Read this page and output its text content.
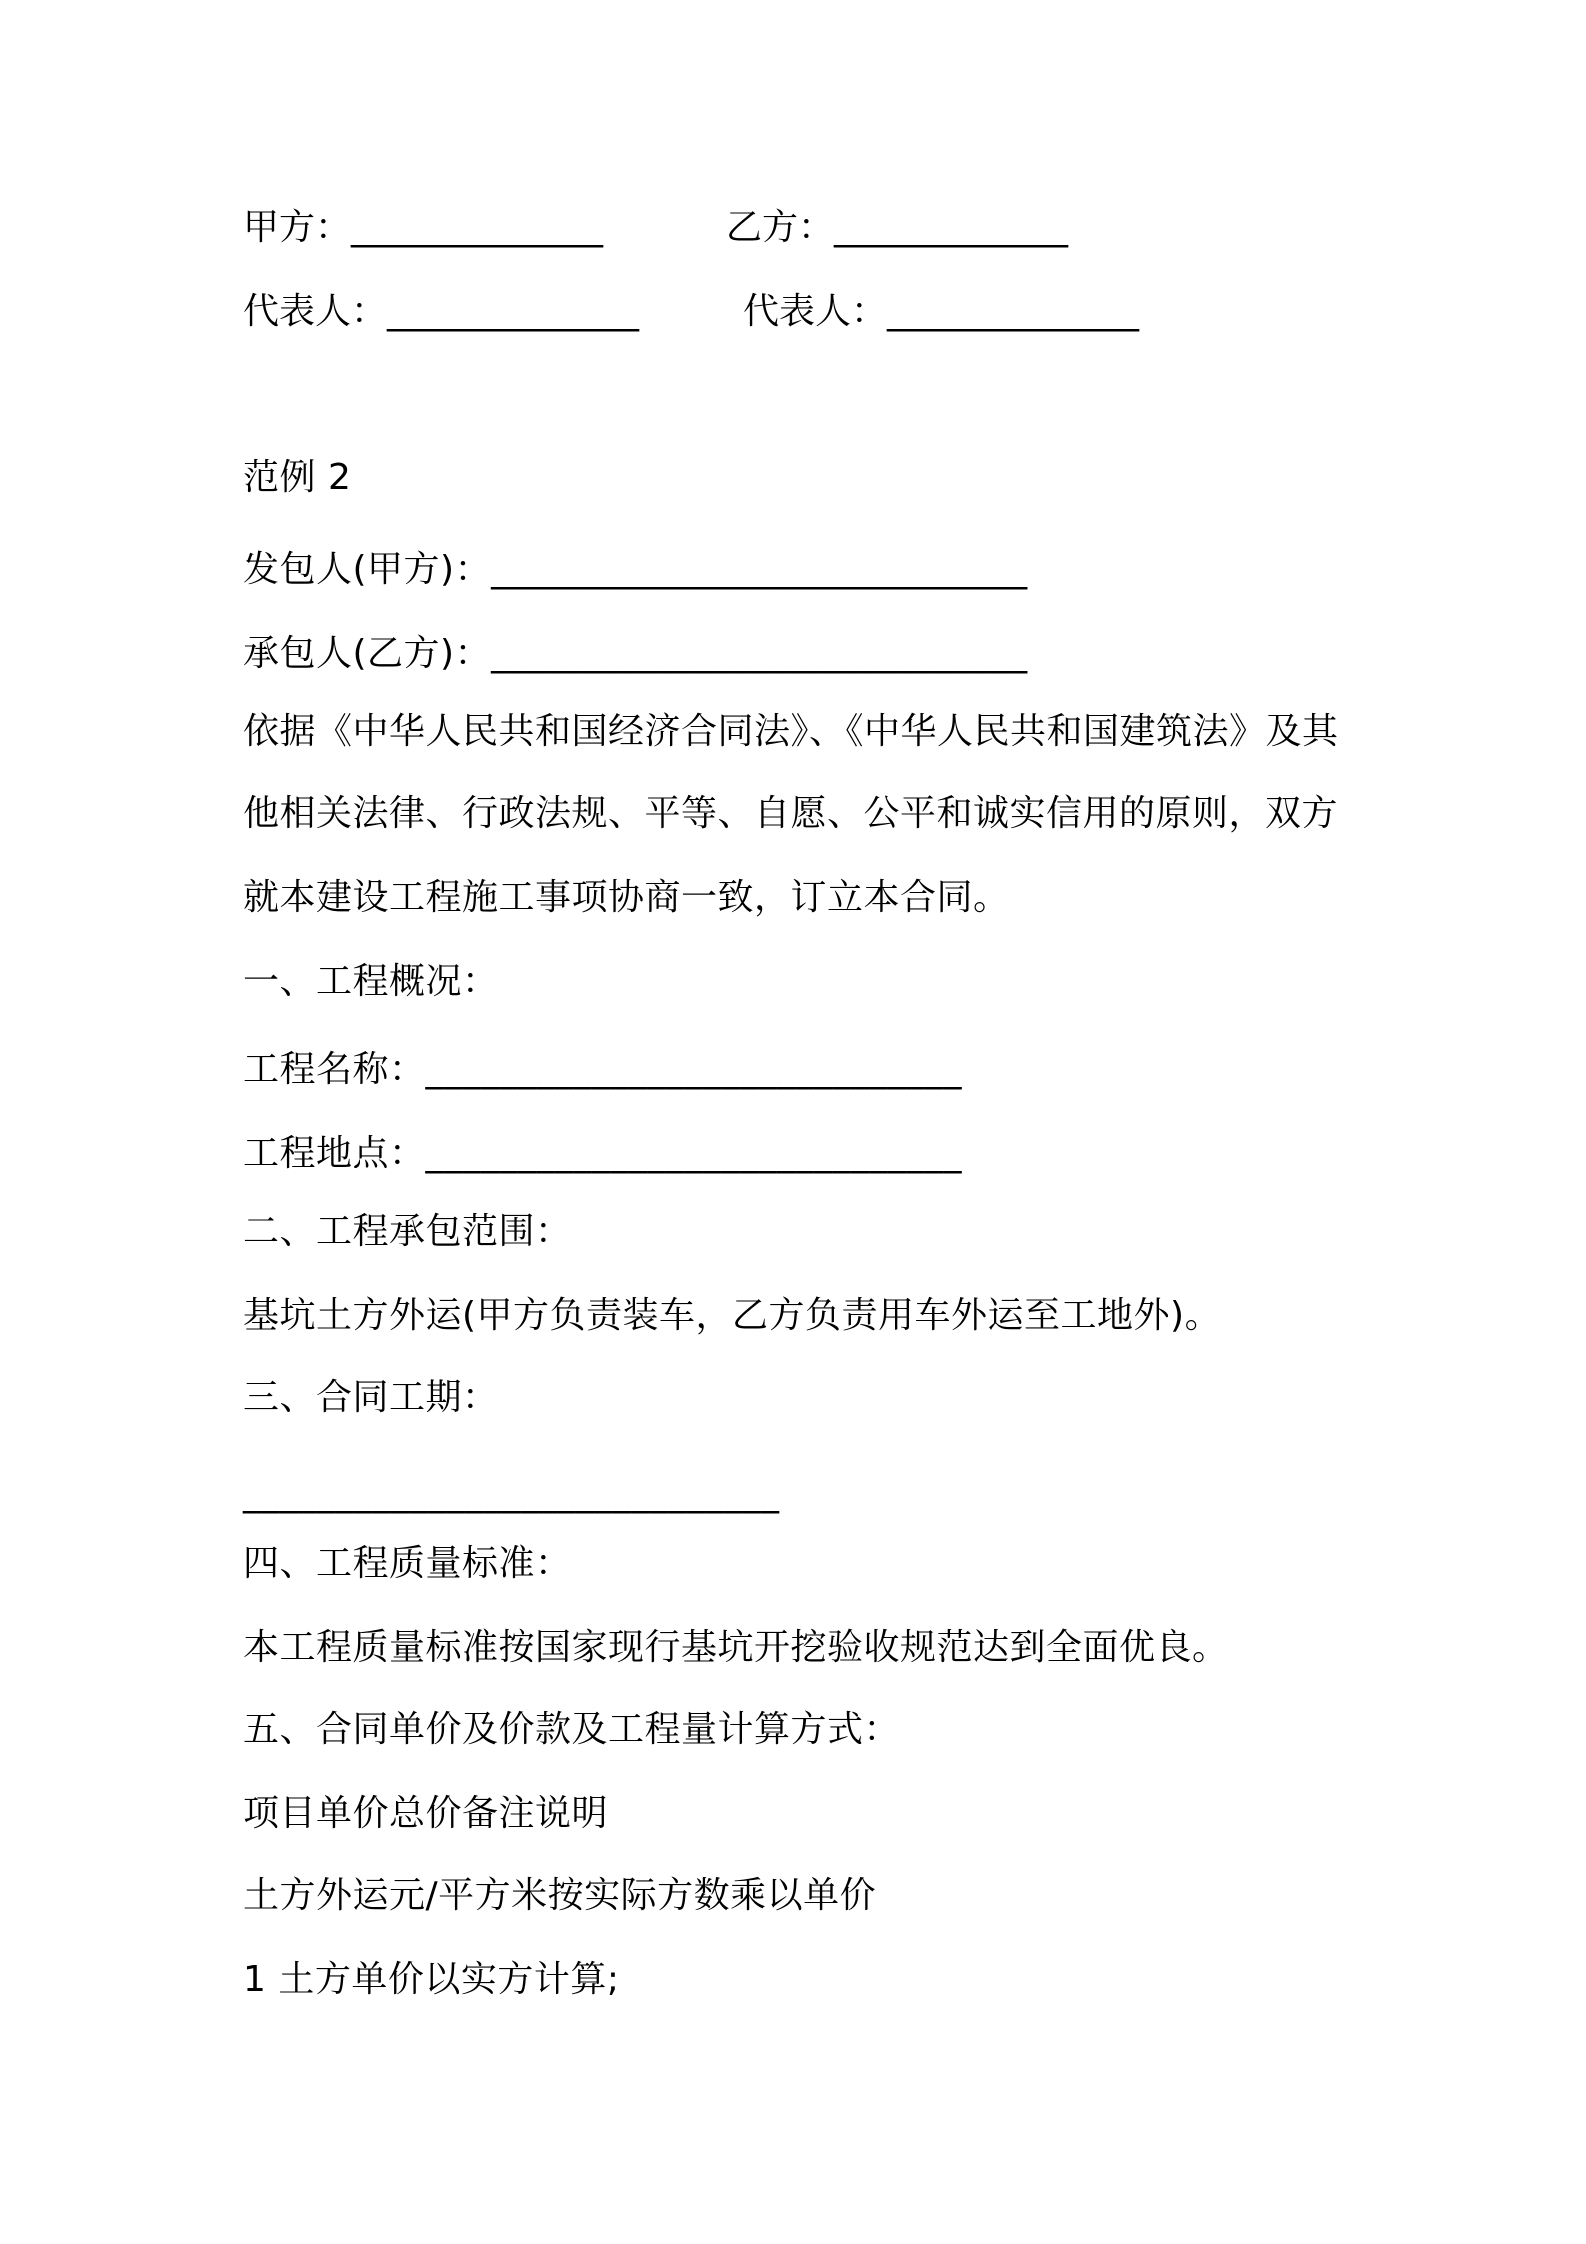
甲方：______________	乙方：_____________
代表人：______________	代表人：______________
范例 2
发包人(甲方)：_____________________________
承包人(乙方)：_____________________________
依据《中华人民共和国经济合同法》、《中华人民共和国建筑法》及其
他相关法律、行政法规、平等、自愿、公平和诚实信用的原则，双方
就本建设工程施工事项协商一致，订立本合同。
一、工程概况：
工程名称：_____________________________
工程地点：_____________________________
二、工程承包范围：
基坑土方外运(甲方负责装车，乙方负责用车外运至工地外)。
三、合同工期：
_____________________________
四、工程质量标准：
本工程质量标准按国家现行基坑开挖验收规范达到全面优良。
五、合同单价及价款及工程量计算方式：
项目单价总价备注说明
土方外运元/平方米按实际方数乘以单价
1 土方单价以实方计算;
